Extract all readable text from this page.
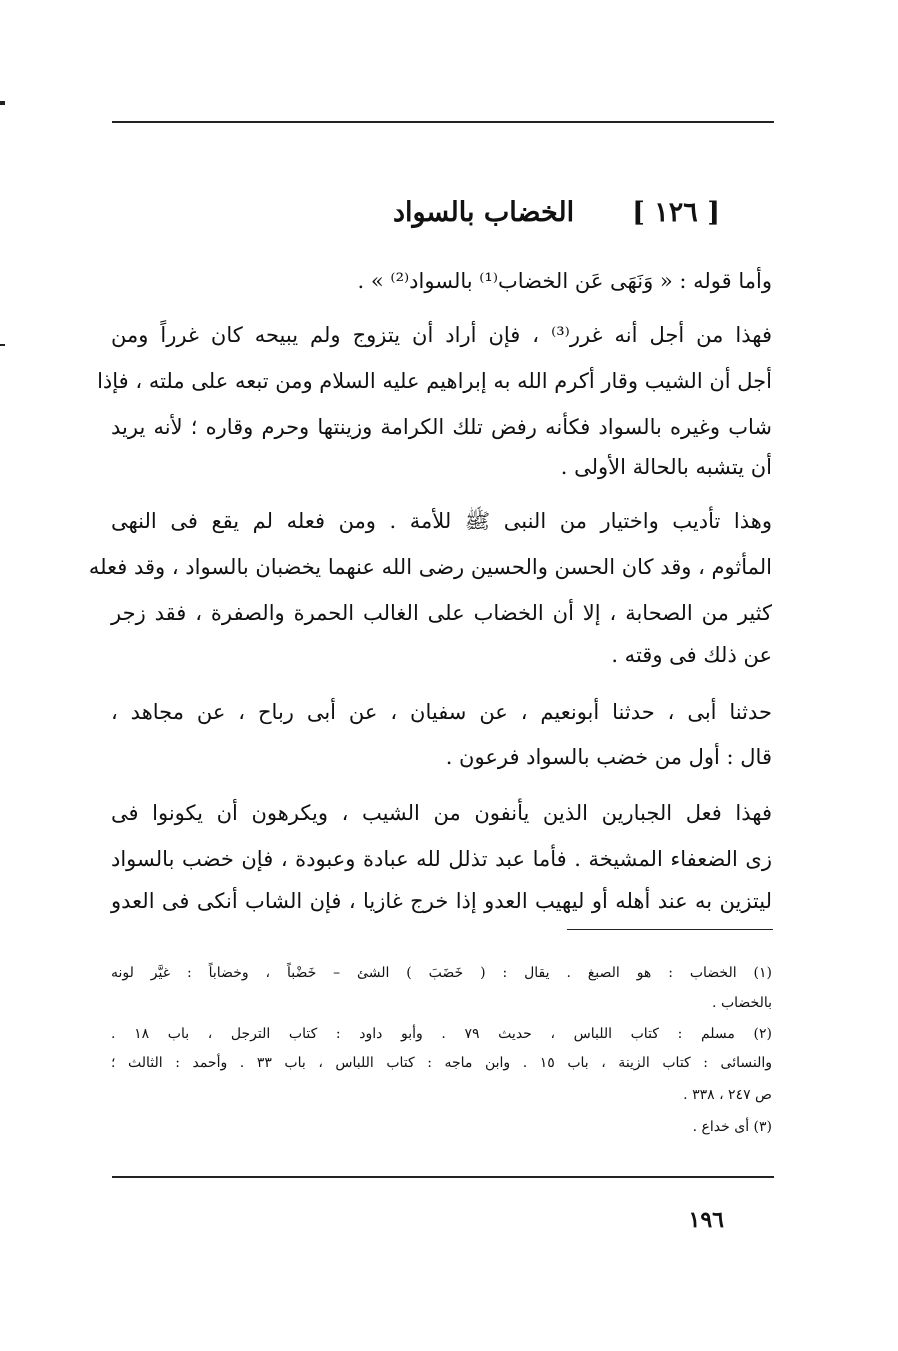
[ ١٢٦ ]
الخضاب بالسواد
وأما قوله : « وَنَهَى عَن الخضاب⁽¹⁾ بالسواد⁽²⁾ » .
فهذا من أجل أنه غرر⁽³⁾ ، فإن أراد أن يتزوج ولم يبيحه كان غرراً ومن
أجل أن الشيب وقار أكرم الله به إبراهيم عليه السلام ومن تبعه على ملته ، فإذا
شاب وغيره بالسواد فكأنه رفض تلك الكرامة وزينتها وحرم وقاره ؛ لأنه يريد
أن يتشبه بالحالة الأولى .
وهذا تأديب واختيار من النبى ﷺ للأمة . ومن فعله لم يقع فى النهى
المأثوم ، وقد كان الحسن والحسين رضى الله عنهما يخضبان بالسواد ، وقد فعله
كثير من الصحابة ، إلا أن الخضاب على الغالب الحمرة والصفرة ، فقد زجر
عن ذلك فى وقته .
حدثنا أبى ، حدثنا أبونعيم ، عن سفيان ، عن أبى رباح ، عن مجاهد ،
قال : أول من خضب بالسواد فرعون .
فهذا فعل الجبارين الذين يأنفون من الشيب ، ويكرهون أن يكونوا فى
زى الضعفاء المشيخة . فأما عبد تذلل لله عبادة وعبودة ، فإن خضب بالسواد
ليتزين به عند أهله أو ليهيب العدو إذا خرج غازيا ، فإن الشاب أنكى فى العدو
(١) الخضاب : هو الصبغ . يقال : ( خَضَبَ ) الشئ – خَضْباً ، وخضاباً : غيَّر لونه
بالخضاب .
(٢) مسلم : كتاب اللباس ، حديث ٧٩ . وأبو داود : كتاب الترجل ، باب ١٨ .
والنسائى : كتاب الزينة ، باب ١٥ . وابن ماجه : كتاب اللباس ، باب ٣٣ . وأحمد : الثالث ؛
ص ٢٤٧ ، ٣٣٨ .
(٣) أى خداع .
١٩٦
